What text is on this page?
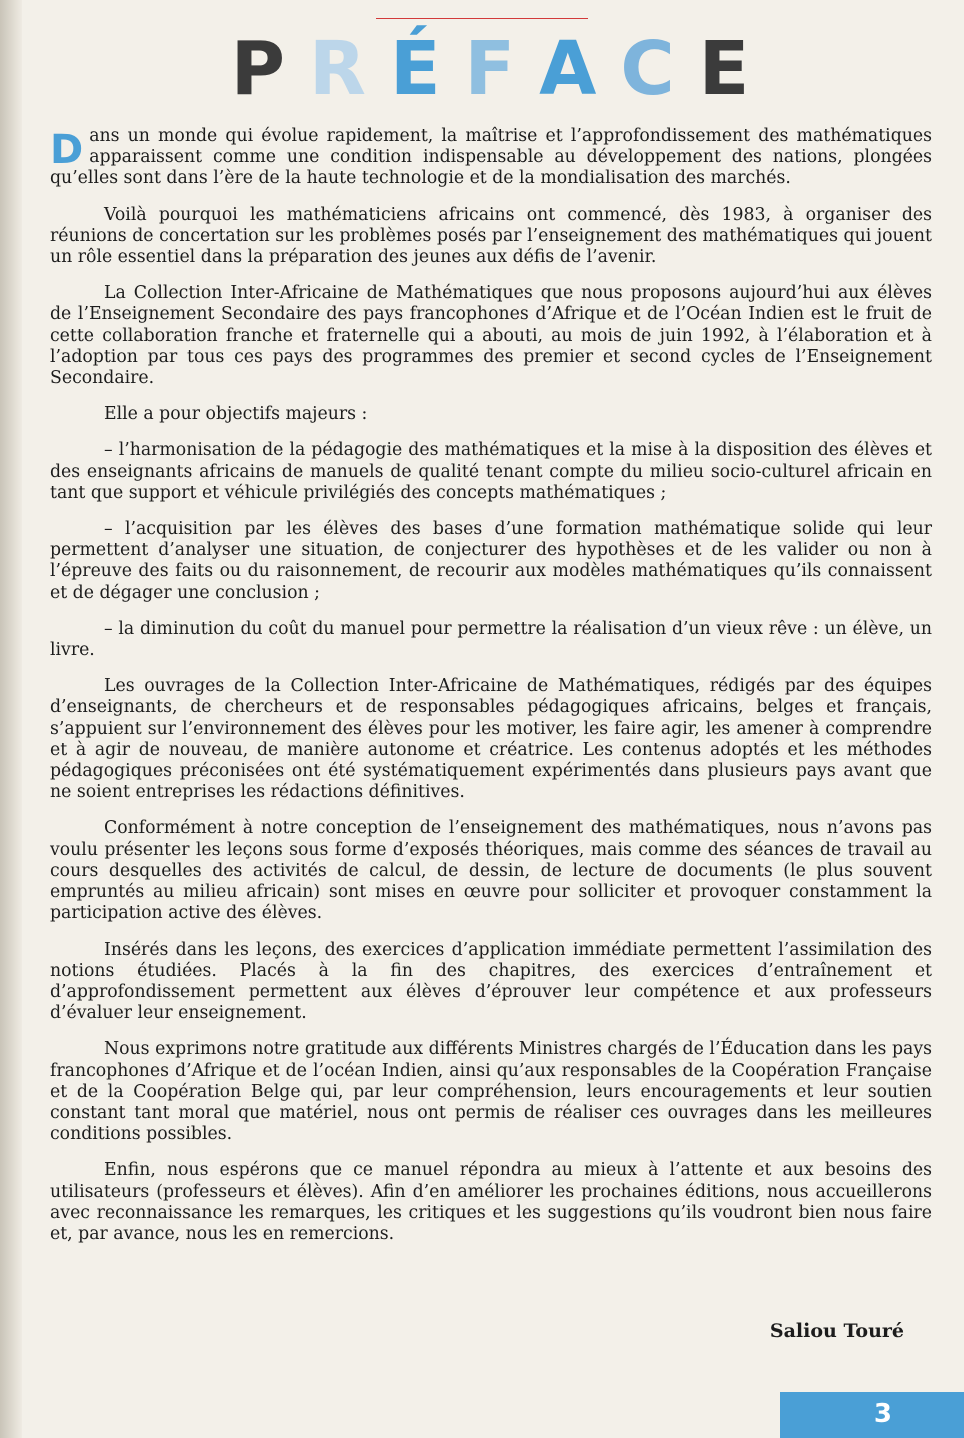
PRÉFACE

Dans un monde qui évolue rapidement, la maîtrise et l’approfondissement des mathématiques apparaissent comme une condition indispensable au développement des nations, plongées qu’elles sont dans l’ère de la haute technologie et de la mondialisation des marchés.

Voilà pourquoi les mathématiciens africains ont commencé, dès 1983, à organiser des réunions de concertation sur les problèmes posés par l’enseignement des mathématiques qui jouent un rôle essentiel dans la préparation des jeunes aux défis de l’avenir.

La Collection Inter-Africaine de Mathématiques que nous proposons aujourd’hui aux élèves de l’Enseignement Secondaire des pays francophones d’Afrique et de l’Océan Indien est le fruit de cette collaboration franche et fraternelle qui a abouti, au mois de juin 1992, à l’élaboration et à l’adoption par tous ces pays des programmes des premier et second cycles de l’Enseignement Secondaire.

Elle a pour objectifs majeurs :

– l’harmonisation de la pédagogie des mathématiques et la mise à la disposition des élèves et des enseignants africains de manuels de qualité tenant compte du milieu socio-culturel africain en tant que support et véhicule privilégiés des concepts mathématiques ;

– l’acquisition par les élèves des bases d’une formation mathématique solide qui leur permettent d’analyser une situation, de conjecturer des hypothèses et de les valider ou non à l’épreuve des faits ou du raisonnement, de recourir aux modèles mathématiques qu’ils connaissent et de dégager une conclusion ;

– la diminution du coût du manuel pour permettre la réalisation d’un vieux rêve : un élève, un livre.

Les ouvrages de la Collection Inter-Africaine de Mathématiques, rédigés par des équipes d’enseignants, de chercheurs et de responsables pédagogiques africains, belges et français, s’appuient sur l’environnement des élèves pour les motiver, les faire agir, les amener à comprendre et à agir de nouveau, de manière autonome et créatrice. Les contenus adoptés et les méthodes pédagogiques préconisées ont été systématiquement expérimentés dans plusieurs pays avant que ne soient entreprises les rédactions définitives.

Conformément à notre conception de l’enseignement des mathématiques, nous n’avons pas voulu présenter les leçons sous forme d’exposés théoriques, mais comme des séances de travail au cours desquelles des activités de calcul, de dessin, de lecture de documents (le plus souvent empruntés au milieu africain) sont mises en œuvre pour solliciter et provoquer constamment la participation active des élèves.

Insérés dans les leçons, des exercices d’application immédiate permettent l’assimilation des notions étudiées. Placés à la fin des chapitres, des exercices d’entraînement et d’approfondissement permettent aux élèves d’éprouver leur compétence et aux professeurs d’évaluer leur enseignement.

Nous exprimons notre gratitude aux différents Ministres chargés de l’Éducation dans les pays francophones d’Afrique et de l’océan Indien, ainsi qu’aux responsables de la Coopération Française et de la Coopération Belge qui, par leur compréhension, leurs encouragements et leur soutien constant tant moral que matériel, nous ont permis de réaliser ces ouvrages dans les meilleures conditions possibles.

Enfin, nous espérons que ce manuel répondra au mieux à l’attente et aux besoins des utilisateurs (professeurs et élèves). Afin d’en améliorer les prochaines éditions, nous accueillerons avec reconnaissance les remarques, les critiques et les suggestions qu’ils voudront bien nous faire et, par avance, nous les en remercions.

Saliou Touré
3
